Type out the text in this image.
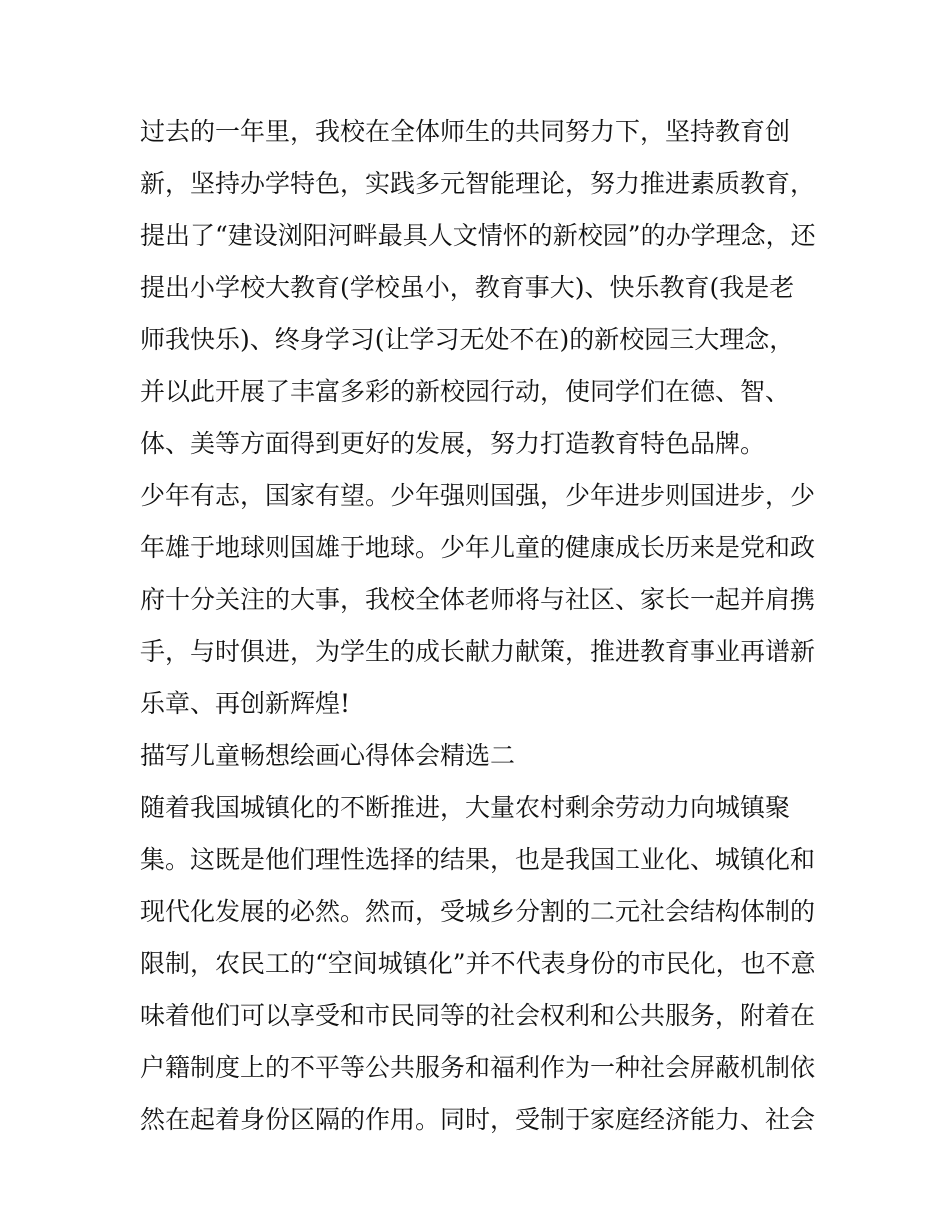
过去的一年里，我校在全体师生的共同努力下，坚持教育创
新，坚持办学特色，实践多元智能理论，努力推进素质教育，
提出了“建设浏阳河畔最具人文情怀的新校园”的办学理念，还
提出小学校大教育(学校虽小，教育事大)、快乐教育(我是老
师我快乐)、终身学习(让学习无处不在)的新校园三大理念，
并以此开展了丰富多彩的新校园行动，使同学们在德、智、
体、美等方面得到更好的发展，努力打造教育特色品牌。
少年有志，国家有望。少年强则国强，少年进步则国进步，少
年雄于地球则国雄于地球。少年儿童的健康成长历来是党和政
府十分关注的大事，我校全体老师将与社区、家长一起并肩携
手，与时俱进，为学生的成长献力献策，推进教育事业再谱新
乐章、再创新辉煌!
描写儿童畅想绘画心得体会精选二
随着我国城镇化的不断推进，大量农村剩余劳动力向城镇聚
集。这既是他们理性选择的结果，也是我国工业化、城镇化和
现代化发展的必然。然而，受城乡分割的二元社会结构体制的
限制，农民工的“空间城镇化”并不代表身份的市民化，也不意
味着他们可以享受和市民同等的社会权利和公共服务，附着在
户籍制度上的不平等公共服务和福利作为一种社会屏蔽机制依
然在起着身份区隔的作用。同时，受制于家庭经济能力、社会
